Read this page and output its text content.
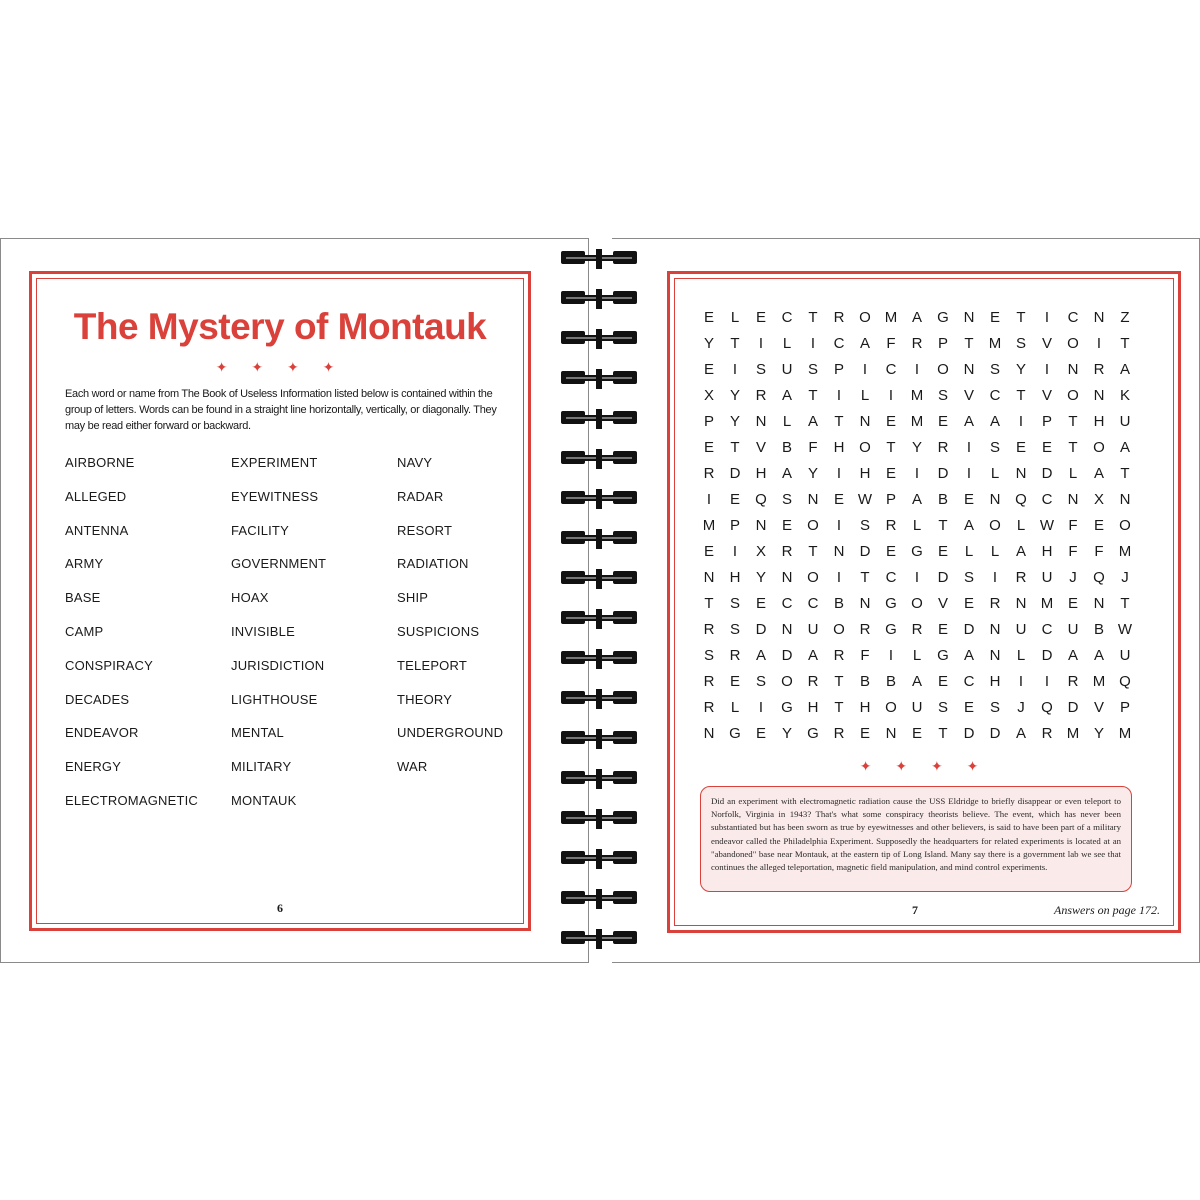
The Mystery of Montauk
✦ ✦ ✦ ✦
Each word or name from The Book of Useless Information listed below is contained within the group of letters. Words can be found in a straight line horizontally, vertically, or diagonally. They may be read either forward or backward.
AIRBORNE
ALLEGED
ANTENNA
ARMY
BASE
CAMP
CONSPIRACY
DECADES
ENDEAVOR
ENERGY
ELECTROMAGNETIC
EXPERIMENT
EYEWITNESS
FACILITY
GOVERNMENT
HOAX
INVISIBLE
JURISDICTION
LIGHTHOUSE
MENTAL
MILITARY
MONTAUK
NAVY
RADAR
RESORT
RADIATION
SHIP
SUSPICIONS
TELEPORT
THEORY
UNDERGROUND
WAR
6
E	L	E	C	T	R O M A	G N	E	T	I	C	N	Z
Y	T	I	L	I	C	A	F	R	P	T	M S	V	O	I	T
E	I	S	U	S	P	I	C	I	O N	S	Y	I	N	R	A
X	Y	R	A	T	I	L	I	M S	V	C	T	V	O N	K
P	Y	N	L	A	T	N	E M E	A	A	I	P	T	H	U
E	T	V	B	F	H O	T	Y	R	I	S	E	E	T	O	A
R	D	H	A	Y	I	H	E	I	D	I	L	N	D	L	A	T
I	E	Q	S	N	E W P	A	B	E	N Q C	N	X	N
M P	N	E	O	I	S	R	L	T	A	O	L W F	E	O
E	I	X	R	T	N	D	E	G	E	L	L	A	H	F	F	M
N	H	Y	N O	I	T	C	I	D	S	I	R	U	J	Q	J
T	S	E	C	C	B	N G O	V	E	R	N M E	N	T
R	S	D	N	U O R G R	E	D	N	U	C	U	B W
S	R	A	D	A	R	F	I	L	G	A	N	L	D	A	A	U
R	E	S	O R	T	B	B	A	E	C	H	I	I	R M Q
R	L	I	G H	T	H O U	S	E	S	J	Q D	V	P
N G	E	Y	G R	E	N	E	T	D	D	A	R M Y M
✦ ✦ ✦ ✦
Did an experiment with electromagnetic radiation cause the USS Eldridge to briefly disappear or even teleport to Norfolk, Virginia in 1943? That's what some conspiracy theorists believe. The event, which has never been substantiated but has been sworn as true by eyewitnesses and other believers, is said to have been part of a military endeavor called the Philadelphia Experiment. Supposedly the headquarters for related experiments is located at an "abandoned" base near Montauk, at the eastern tip of Long Island. Many say there is a government lab we see that continues the alleged teleportation, magnetic field manipulation, and mind control experiments.
7	Answers on page 172.
